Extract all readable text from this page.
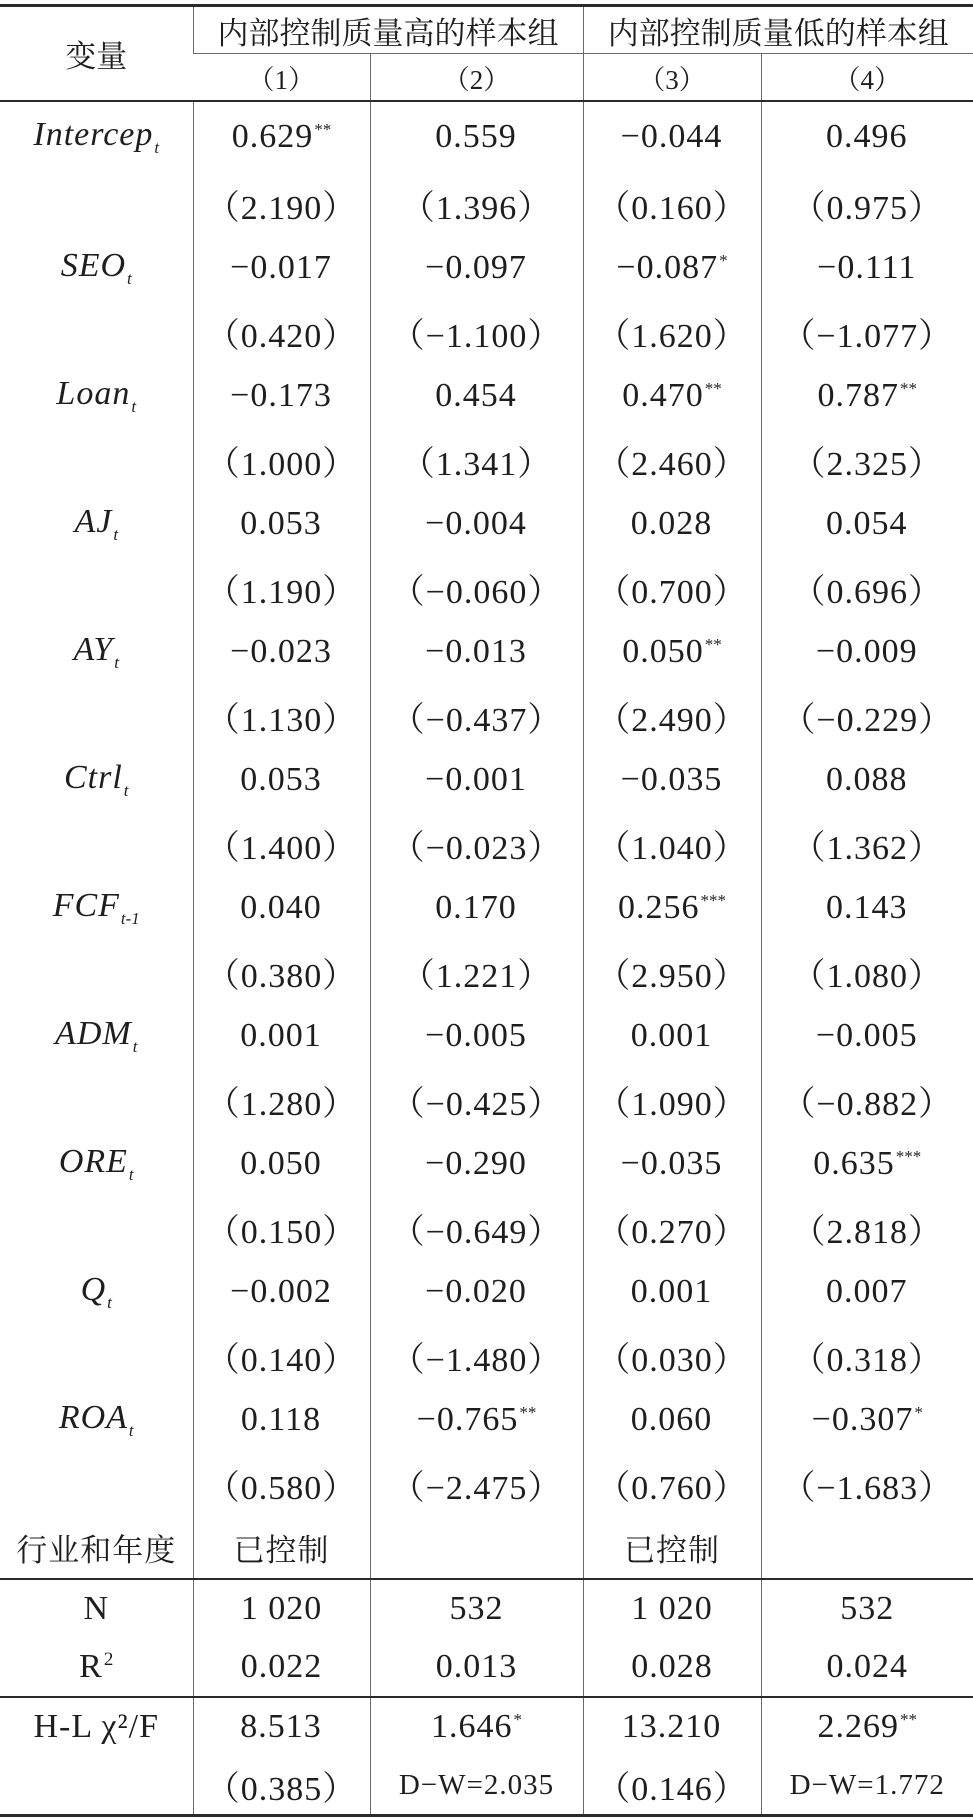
变量	内部控制质量高的样本组		内部控制质量低的样本组	
	（1）	（2）	（3）	（4）
Intercep$_t$	0.629**	0.559	−0.044	0.496
	（2.190）	（1.396）	（0.160）	（0.975）
$SEO_t$	−0.017	−0.097	−0.087*	−0.111
	（0.420）	（−1.100）	（1.620）	（−1.077）
Loan$_t$	−0.173	0.454	0.470**	0.787**
	（1.000）	（1.341）	（2.460）	（2.325）
$AJ_t$	0.053	−0.004	0.028	0.054
	（1.190）	（−0.060）	（0.700）	（0.696）
$AY_t$	−0.023	−0.013	0.050**	−0.009
	（1.130）	（−0.437）	（2.490）	（−0.229）
Ctrl$_t$	0.053	−0.001	−0.035	0.088
	（1.400）	（−0.023）	（1.040）	（1.362）
$FCF_{t-1}$	0.040	0.170	0.256***	0.143
	（0.380）	（1.221）	（2.950）	（1.080）
$ADM_t$	0.001	−0.005	0.001	−0.005
	（1.280）	（−0.425）	（1.090）	（−0.882）
$ORE_t$	0.050	−0.290	−0.035	0.635***
	（0.150）	（−0.649）	（0.270）	（2.818）
$Q_t$	−0.002	−0.020	0.001	0.007
	（0.140）	（−1.480）	（0.030）	（0.318）
$ROA_t$	0.118	−0.765**	0.060	−0.307*
	（0.580）	（−2.475）	（0.760）	（−1.683）
行业和年度	已控制		已控制	
N	1 020	532	1 020	532
$R^2$	0.022	0.013	0.028	0.024
H-L χ²/F	8.513	1.646*	13.210	2.269**
	（0.385）	D−W=2.035	（0.146）	D−W=1.772
